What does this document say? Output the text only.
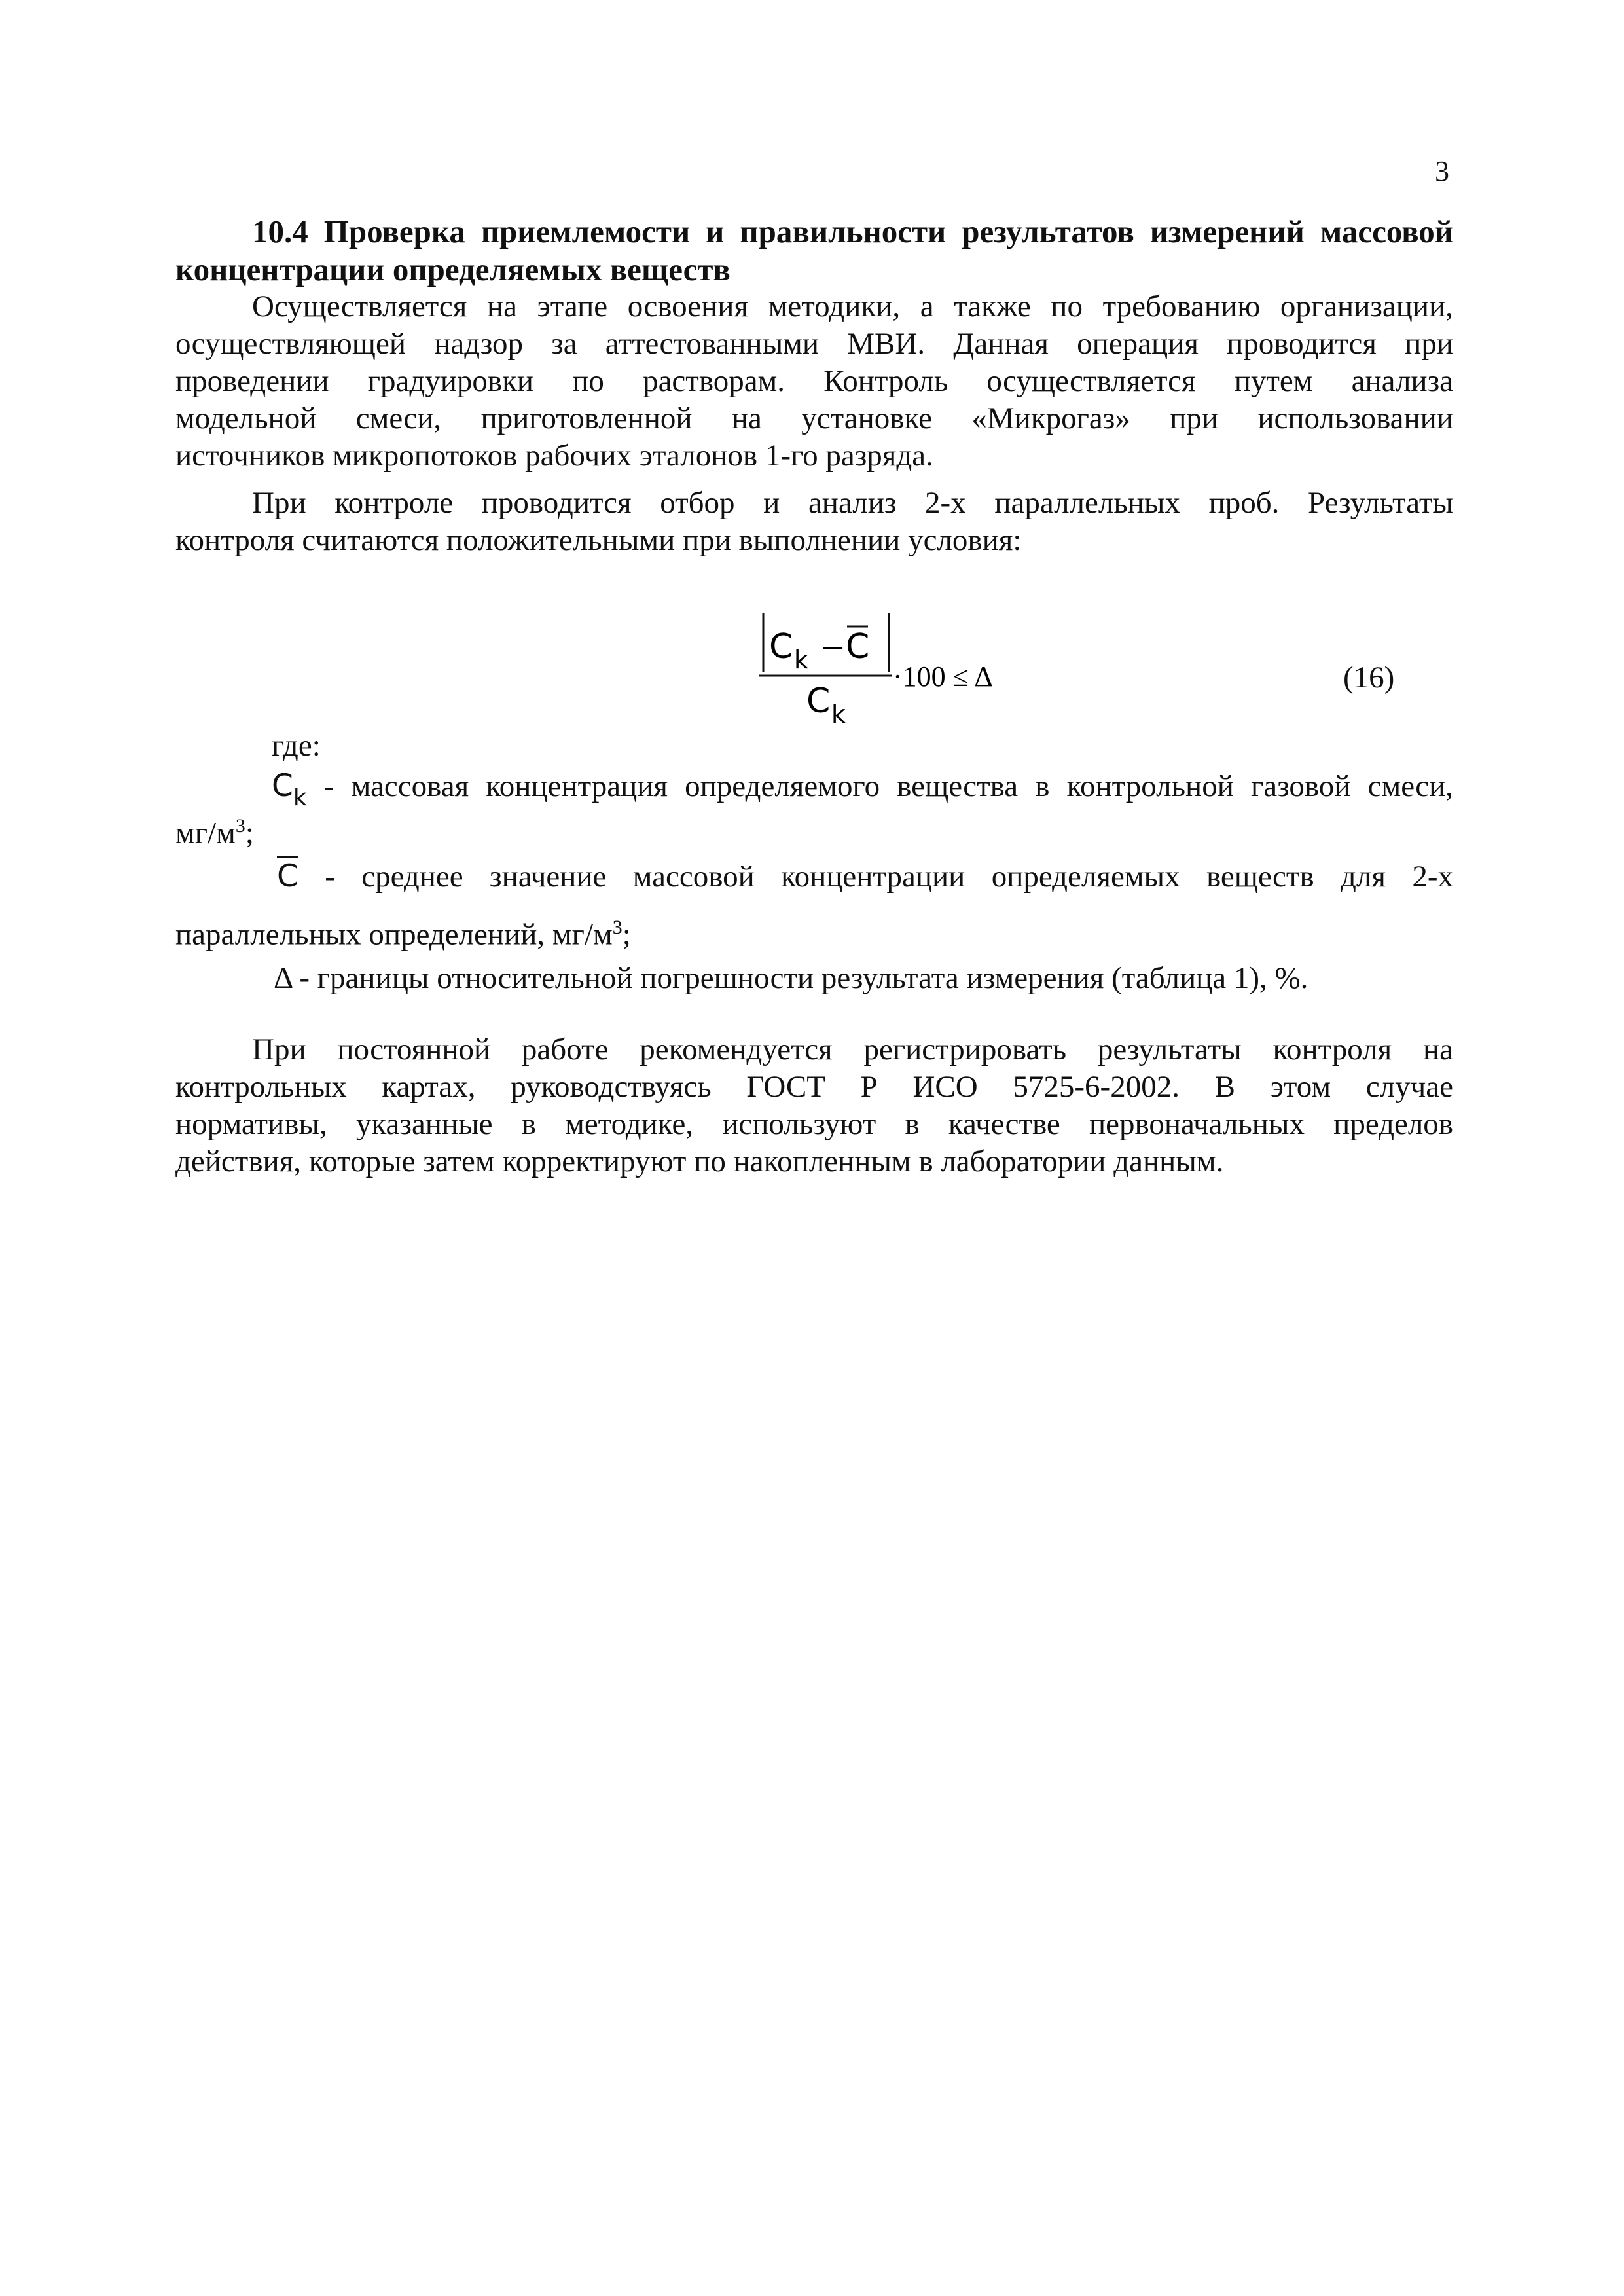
3
10.4 Проверка приемлемости и правильности результатов измерений массовой
концентрации определяемых веществ
Осуществляется на этапе освоения методики, а также по требованию организации,
осуществляющей надзор за аттестованными МВИ. Данная операция проводится при
проведении градуировки по растворам. Контроль осуществляется путем анализа
модельной смеси, приготовленной на установке «Микрогаз» при использовании
источников микропотоков рабочих эталонов 1-го разряда.
При контроле проводится отбор и анализ 2-х параллельных проб. Результаты
контроля считаются положительными при выполнении условия:
C k − C
C k
·100 ≤ Δ	(16)
где:
$C_k$ - массовая концентрация определяемого вещества в контрольной газовой смеси,
$мг/м^3$;
$\overline{C}$ - среднее значение массовой концентрации определяемых веществ для 2-х
параллельных определений, $мг/м^3$;
Δ - границы относительной погрешности результата измерения (таблица 1), %.
При постоянной работе рекомендуется регистрировать результаты контроля на
контрольных картах, руководствуясь ГОСТ Р ИСО 5725-6-2002. В этом случае
нормативы, указанные в методике, используют в качестве первоначальных пределов
действия, которые затем корректируют по накопленным в лаборатории данным.
